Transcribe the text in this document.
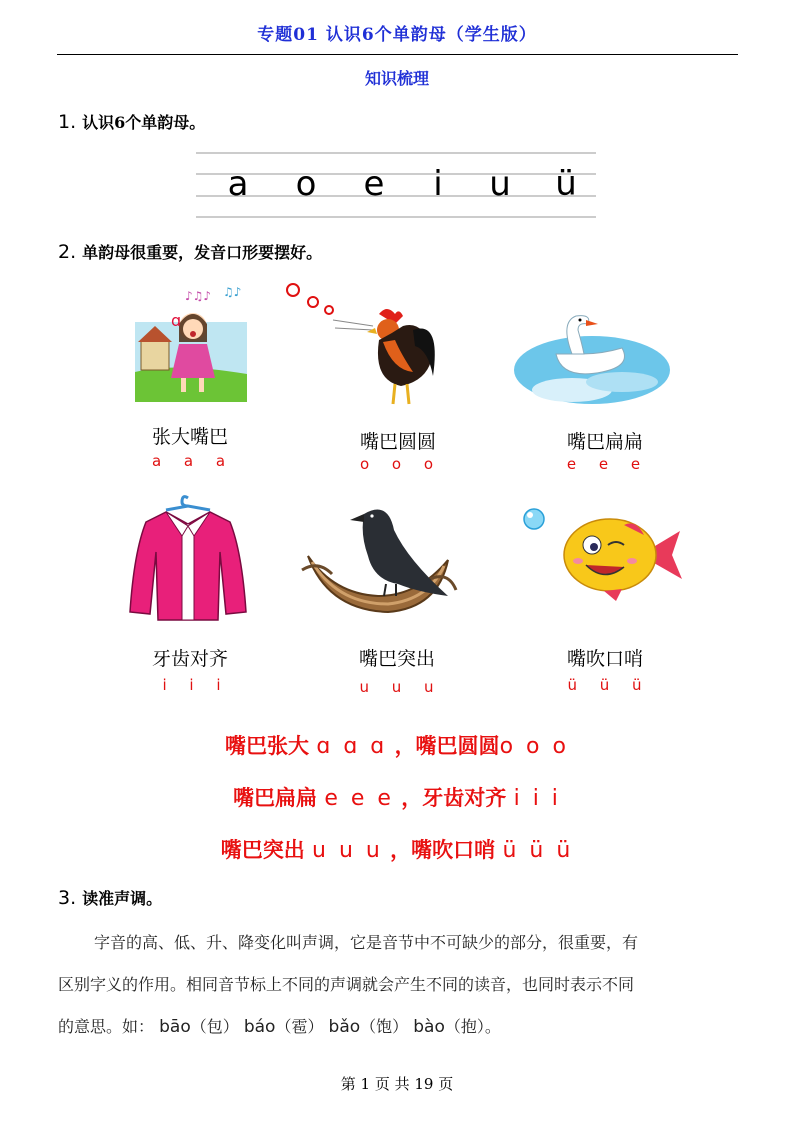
专题01 认识6个单韵母（学生版）
知识梳理
1. 认识6个单韵母。
a o e i u ü
2. 单韵母很重要，发音口形要摆好。
ɑ
♪♫♪ ♫♪
张大嘴巴
a a a
嘴巴圆圆
o o o
嘴巴扁扁
e e e
牙齿对齐
i i i
嘴巴突出
u u u
嘴吹口哨
ü ü ü
嘴巴张大 ɑ ɑ ɑ ，嘴巴圆圆o o o
嘴巴扁扁 e e e ，牙齿对齐 i i i
嘴巴突出 u u u ，嘴吹口哨 ü ü ü
3. 读准声调。
字音的高、低、升、降变化叫声调，它是音节中不可缺少的部分，很重要，有
区别字义的作用。相同音节标上不同的声调就会产生不同的读音，也同时表示不同
的意思。如： bāo（包） báo（雹） bǎo（饱） bào（抱）。
第 1 页 共 19 页
